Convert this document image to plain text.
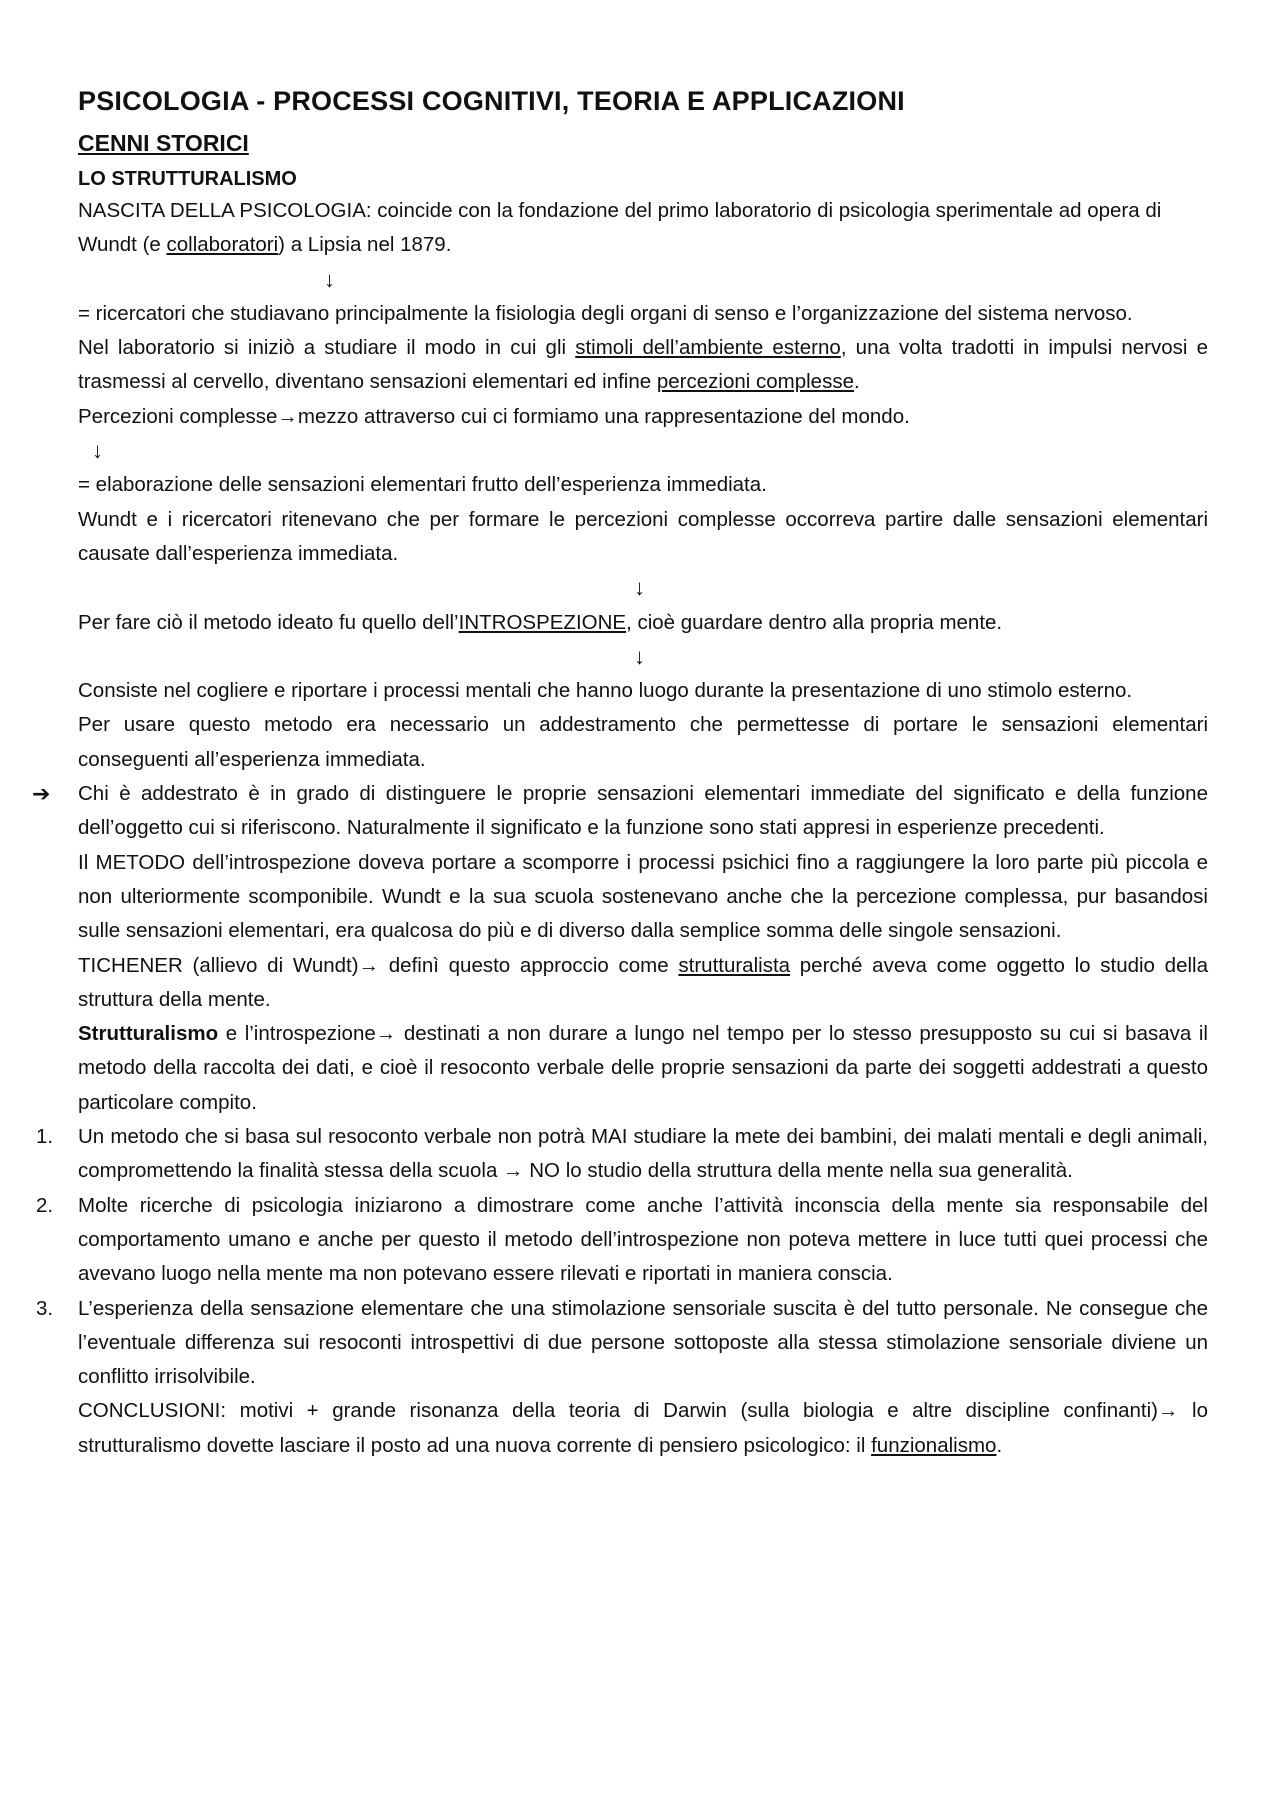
PSICOLOGIA - PROCESSI COGNITIVI, TEORIA E APPLICAZIONI
CENNI STORICI
LO STRUTTURALISMO

NASCITA DELLA PSICOLOGIA: coincide con la fondazione del primo laboratorio di psicologia sperimentale ad opera di Wundt (e collaboratori) a Lipsia nel 1879.

↓

= ricercatori che studiavano principalmente la fisiologia degli organi di senso e l’organizzazione del sistema nervoso.

Nel laboratorio si iniziò a studiare il modo in cui gli stimoli dell’ambiente esterno, una volta tradotti in impulsi nervosi e trasmessi al cervello, diventano sensazioni elementari ed infine percezioni complesse.

Percezioni complesse→mezzo attraverso cui ci formiamo una rappresentazione del mondo.

↓

= elaborazione delle sensazioni elementari frutto dell’esperienza immediata.

Wundt e i ricercatori ritenevano che per formare le percezioni complesse occorreva partire dalle sensazioni elementari causate dall’esperienza immediata.

↓

Per fare ciò il metodo ideato fu quello dell’INTROSPEZIONE, cioè guardare dentro alla propria mente.

↓

Consiste nel cogliere e riportare i processi mentali che hanno luogo durante la presentazione di uno stimolo esterno.

Per usare questo metodo era necessario un addestramento che permettesse di portare le sensazioni elementari conseguenti all’esperienza immediata.

➔ Chi è addestrato è in grado di distinguere le proprie sensazioni elementari immediate del significato e della funzione dell’oggetto cui si riferiscono. Naturalmente il significato e la funzione sono stati appresi in esperienze precedenti.

Il METODO dell’introspezione doveva portare a scomporre i processi psichici fino a raggiungere la loro parte più piccola e non ulteriormente scomponibile. Wundt e la sua scuola sostenevano anche che la percezione complessa, pur basandosi sulle sensazioni elementari, era qualcosa do più e di diverso dalla semplice somma delle singole sensazioni.

TICHENER (allievo di Wundt)→ definì questo approccio come strutturalista perché aveva come oggetto lo studio della struttura della mente.

Strutturalismo e l’introspezione→ destinati a non durare a lungo nel tempo per lo stesso presupposto su cui si basava il metodo della raccolta dei dati, e cioè il resoconto verbale delle proprie sensazioni da parte dei soggetti addestrati a questo particolare compito.

1. Un metodo che si basa sul resoconto verbale non potrà MAI studiare la mete dei bambini, dei malati mentali e degli animali, compromettendo la finalità stessa della scuola → NO lo studio della struttura della mente nella sua generalità.

2. Molte ricerche di psicologia iniziarono a dimostrare come anche l’attività inconscia della mente sia responsabile del comportamento umano e anche per questo il metodo dell’introspezione non poteva mettere in luce tutti quei processi che avevano luogo nella mente ma non potevano essere rilevati e riportati in maniera conscia.

3. L’esperienza della sensazione elementare che una stimolazione sensoriale suscita è del tutto personale. Ne consegue che l’eventuale differenza sui resoconti introspettivi di due persone sottoposte alla stessa stimolazione sensoriale diviene un conflitto irrisolvibile.

CONCLUSIONI: motivi + grande risonanza della teoria di Darwin (sulla biologia e altre discipline confinanti)→ lo strutturalismo dovette lasciare il posto ad una nuova corrente di pensiero psicologico: il funzionalismo.
